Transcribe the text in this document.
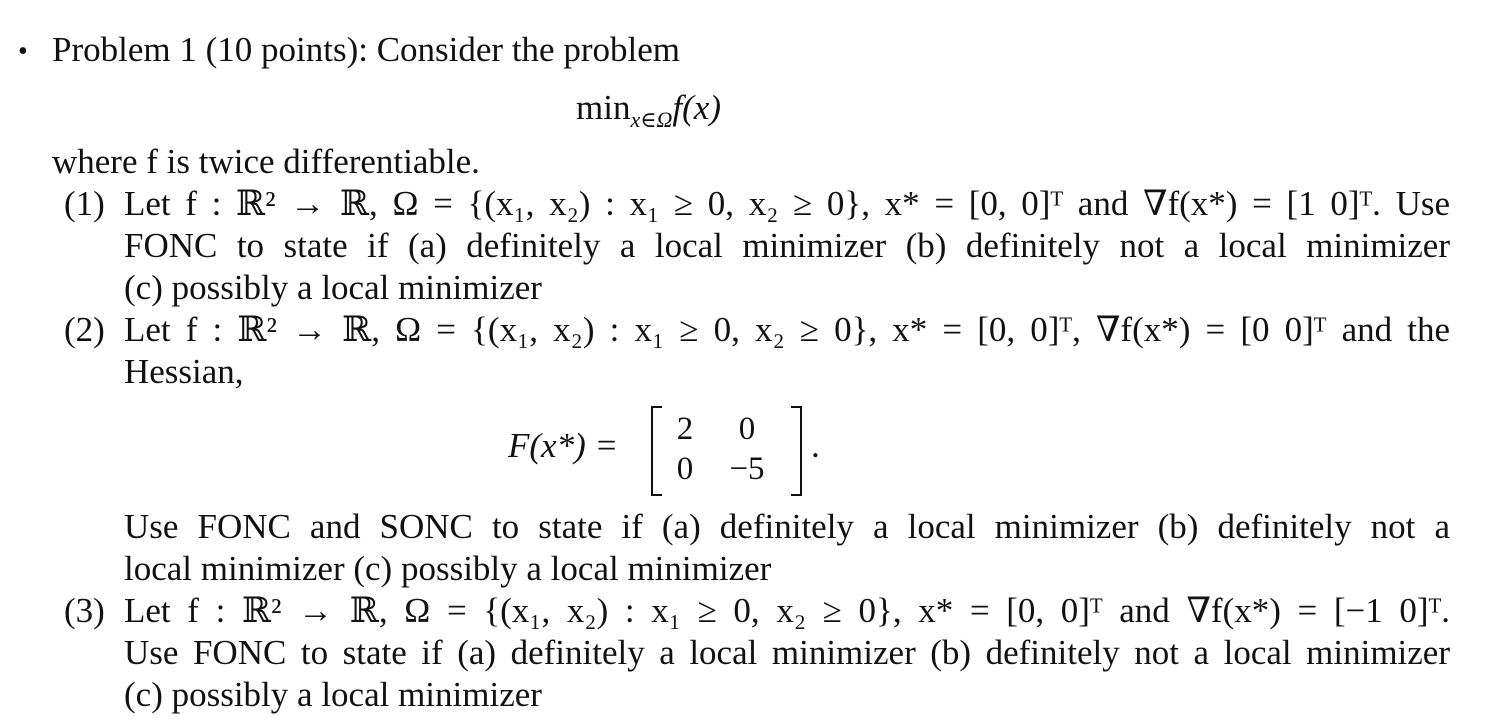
• Problem 1 (10 points): Consider the problem
$\min_{x\in\Omega}f(x)$
where f is twice differentiable.
(1) Let f : ℝ² → ℝ, Ω = {(x₁, x₂) : x₁ ≥ 0, x₂ ≥ 0}, x* = [0, 0]ᵀ and ∇f(x*) = [1 0]ᵀ. Use
FONC to state if (a) definitely a local minimizer (b) definitely not a local minimizer
(c) possibly a local minimizer
(2) Let f : ℝ² → ℝ, Ω = {(x₁, x₂) : x₁ ≥ 0, x₂ ≥ 0}, x* = [0, 0]ᵀ, ∇f(x*) = [0 0]ᵀ and the
Hessian,
F(x*) =	2	0
0	−5
.
Use FONC and SONC to state if (a) definitely a local minimizer (b) definitely not a
local minimizer (c) possibly a local minimizer
(3) Let f : ℝ² → ℝ, Ω = {(x₁, x₂) : x₁ ≥ 0, x₂ ≥ 0}, x* = [0, 0]ᵀ and ∇f(x*) = [−1 0]ᵀ.
Use FONC to state if (a) definitely a local minimizer (b) definitely not a local minimizer
(c) possibly a local minimizer
